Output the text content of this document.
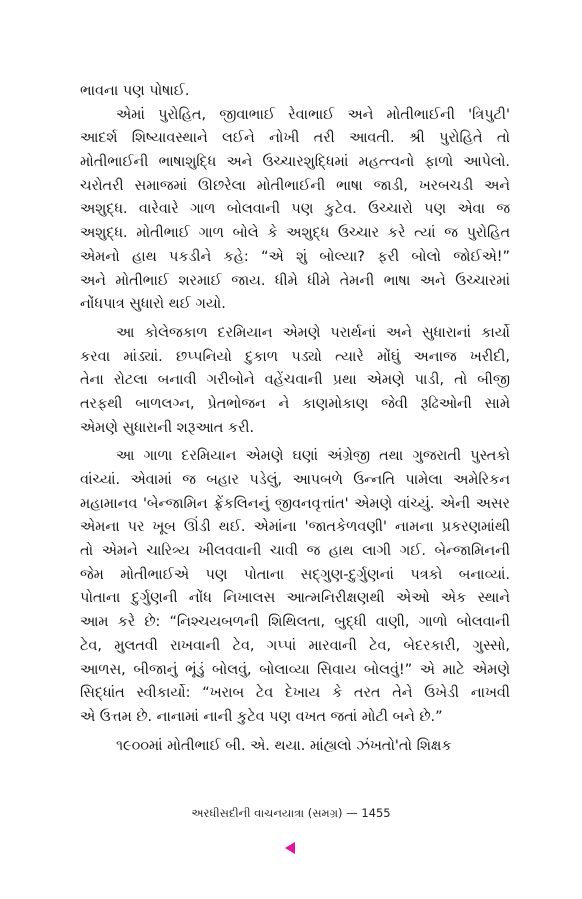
ભાવના પણ પોષાઈ.
એમાં પુરોહિત, જીવાભાઈ રેવાભાઈ અને મોતીભાઈની 'ત્રિપુટી'
આદર્શ શિષ્યાવસ્થાને લઈને નોખી તરી આવતી. શ્રી પુરોહિતે તો
મોતીભાઈની ભાષાશુદ્ધિ અને ઉચ્ચારશુદ્ધિમાં મહત્ત્વનો ફાળો આપેલો.
ચરોતરી સમાજમાં ઊછરેલા મોતીભાઈની ભાષા જાડી, ખરબચડી અને
અશુદ્ધ. વારેવારે ગાળ બોલવાની પણ કુટેવ. ઉચ્ચારો પણ એવા જ
અશુદ્ધ. મોતીભાઈ ગાળ બોલે કે અશુદ્ધ ઉચ્ચાર કરે ત્યાં જ પુરોહિત
એમનો હાથ પકડીને કહે: “એ શું બોલ્યા? ફરી બોલો જોઈએ!”
અને મોતીભાઈ શરમાઈ જાય. ધીમે ધીમે તેમની ભાષા અને ઉચ્ચારમાં
નોંધપાત્ર સુધારો થઈ ગયો.
આ કોલેજકાળ દરમિયાન એમણે પરાર્થનાં અને સુધારાનાં કાર્યો
કરવા માંડ્યાં. છપ્પનિયો દુકાળ પડ્યો ત્યારે મોંઘું અનાજ ખરીદી,
તેના રોટલા બનાવી ગરીબોને વહેંચવાની પ્રથા એમણે પાડી, તો બીજી
તરફથી બાળલગ્ન, પ્રેતભોજન ને કાણમોકાણ જેવી રૂઢિઓની સામે
એમણે સુધારાની શરૂઆત કરી.
આ ગાળા દરમિયાન એમણે ઘણાં અંગ્રેજી તથા ગુજરાતી પુસ્તકો
વાંચ્યાં. એવામાં જ બહાર પડેલું, આપબળે ઉન્નતિ પામેલા અમેરિકન
મહામાનવ 'બેન્જામિન ફ્રેંકલિનનું જીવનવૃત્તાંત' એમણે વાંચ્યું. એની અસર
એમના પર ખૂબ ઊંડી થઈ. એમાંના 'જાતકેળવણી' નામના પ્રકરણમાંથી
તો એમને ચારિત્ર્ય ખીલવવાની ચાવી જ હાથ લાગી ગઈ. બેન્જામિનની
જેમ મોતીભાઈએ પણ પોતાના સદ્ગુણ-દુર્ગુણનાં પત્રકો બનાવ્યાં.
પોતાના દુર્ગુણની નોંધ નિખાલસ આત્મનિરીક્ષણથી એઓ એક સ્થાને
આમ કરે છે: “નિશ્ચયબળની શિથિલતા, બુદ્ધી વાણી, ગાળો બોલવાની
ટેવ, મુલતવી રાખવાની ટેવ, ગપ્પાં મારવાની ટેવ, બેદરકારી, ગુસ્સો,
આળસ, બીજાનું ભૂંડું બોલવું, બોલાવ્યા સિવાય બોલવું!” એ માટે એમણે
સિદ્ધાંત સ્વીકાર્યો: “ખરાબ ટેવ દેખાય કે તરત તેને ઉખેડી નાખવી
એ ઉત્તમ છે. નાનામાં નાની કુટેવ પણ વખત જતાં મોટી બને છે.”
૧૯૦૦માં મોતીભાઈ બી. એ. થયા. માંહ્યલો ઝંખતો'તો શિક્ષક
અરધીસદીની વાચનયાત્રા (સમગ્ર) — 1455
